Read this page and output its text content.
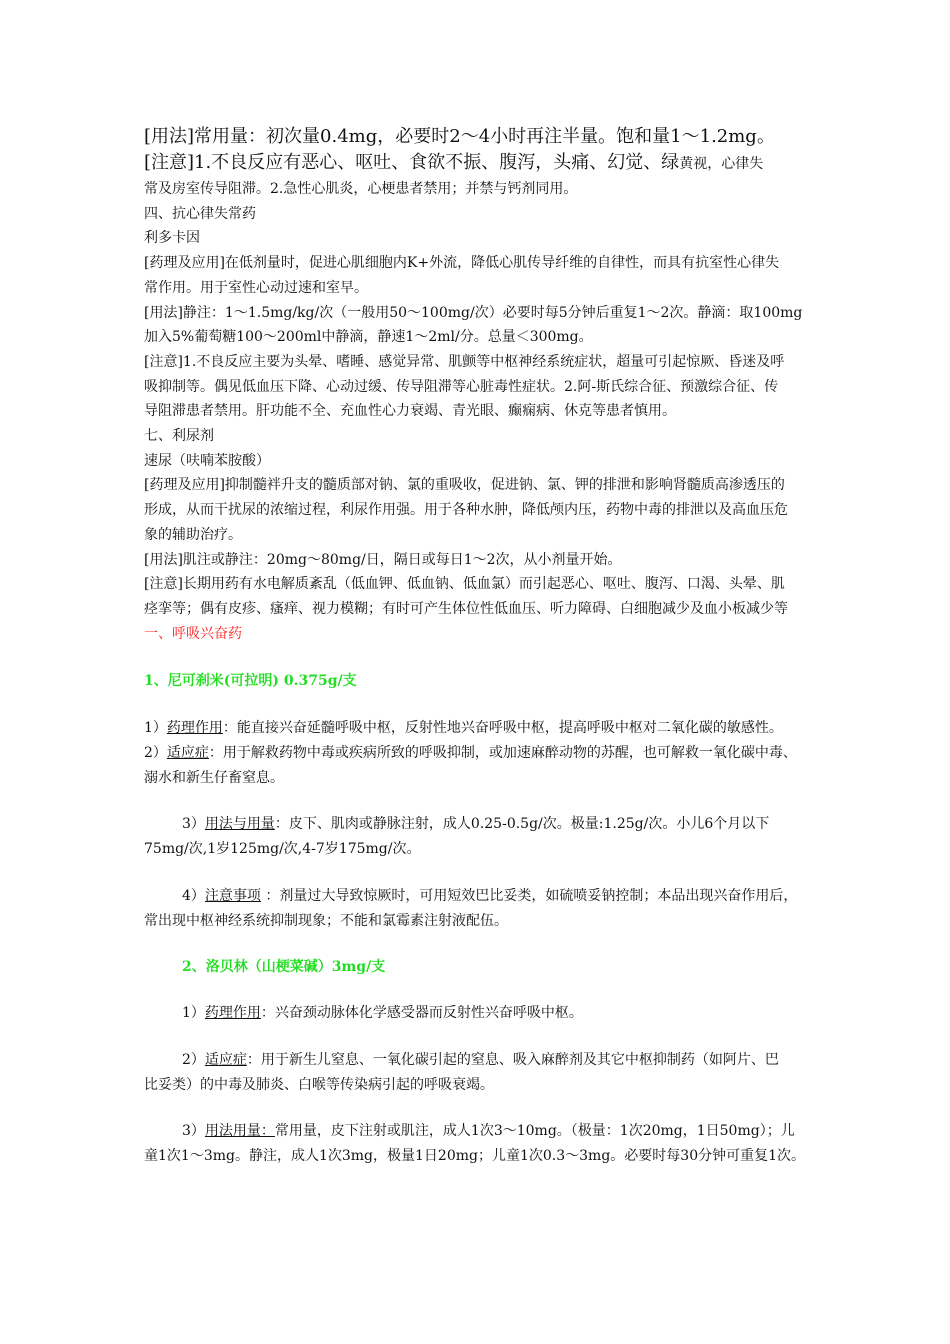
[用法]常用量：初次量0.4mg，必要时2～4小时再注半量。饱和量1～1.2mg。
[注意]1.不良反应有恶心、呕吐、食欲不振、腹泻，头痛、幻觉、绿黄视，心律失

常及房室传导阻滞。2.急性心肌炎，心梗患者禁用；并禁与钙剂同用。

四、抗心律失常药

利多卡因

[药理及应用]在低剂量时，促进心肌细胞内K+外流，降低心肌传导纤维的自律性，而具有抗室性心律失

常作用。用于室性心动过速和室早。

[用法]静注：1～1.5mg/kg/次（一般用50～100mg/次）必要时每5分钟后重复1～2次。静滴：取100mg

加入5%葡萄糖100～200ml中静滴，静速1～2ml/分。总量＜300mg。

[注意]1.不良反应主要为头晕、嗜睡、感觉异常、肌颤等中枢神经系统症状，超量可引起惊厥、昏迷及呼

吸抑制等。偶见低血压下降、心动过缓、传导阻滞等心脏毒性症状。2.阿-斯氏综合征、预激综合征、传

导阻滞患者禁用。肝功能不全、充血性心力衰竭、青光眼、癫痫病、休克等患者慎用。

七、利尿剂

速尿（呋喃苯胺酸）

[药理及应用]抑制髓袢升支的髓质部对钠、氯的重吸收，促进钠、氯、钾的排泄和影响肾髓质高渗透压的

形成，从而干扰尿的浓缩过程，利尿作用强。用于各种水肿，降低颅内压，药物中毒的排泄以及高血压危

象的辅助治疗。

[用法]肌注或静注：20mg～80mg/日，隔日或每日1～2次，从小剂量开始。

[注意]长期用药有水电解质紊乱（低血钾、低血钠、低血氯）而引起恶心、呕吐、腹泻、口渴、头晕、肌

痉挛等；偶有皮疹、瘙痒、视力模糊；有时可产生体位性低血压、听力障碍、白细胞减少及血小板减少等

一、呼吸兴奋药

1、尼可刹米(可拉明) 0.375g/支

1）药理作用：能直接兴奋延髓呼吸中枢，反射性地兴奋呼吸中枢，提高呼吸中枢对二氧化碳的敏感性。

2）适应症：用于解救药物中毒或疾病所致的呼吸抑制，或加速麻醉动物的苏醒，也可解救一氧化碳中毒、

溺水和新生仔畜窒息。

3）用法与用量：皮下、肌肉或静脉注射，成人0.25-0.5g/次。极量:1.25g/次。小儿6个月以下

75mg/次,1岁125mg/次,4-7岁175mg/次。

4）注意事项 ：剂量过大导致惊厥时，可用短效巴比妥类，如硫喷妥钠控制；本品出现兴奋作用后，

常出现中枢神经系统抑制现象；不能和氯霉素注射液配伍。

2、洛贝林（山梗菜碱）3mg/支

1）药理作用：兴奋颈动脉体化学感受器而反射性兴奋呼吸中枢。

2）适应症：用于新生儿窒息、一氧化碳引起的窒息、吸入麻醉剂及其它中枢抑制药（如阿片、巴

比妥类）的中毒及肺炎、白喉等传染病引起的呼吸衰竭。

3）用法用量：常用量，皮下注射或肌注，成人1次3～10mg。（极量：1次20mg，1日50mg）；儿

童1次1～3mg。静注，成人1次3mg，极量1日20mg；儿童1次0.3～3mg。必要时每30分钟可重复1次。
